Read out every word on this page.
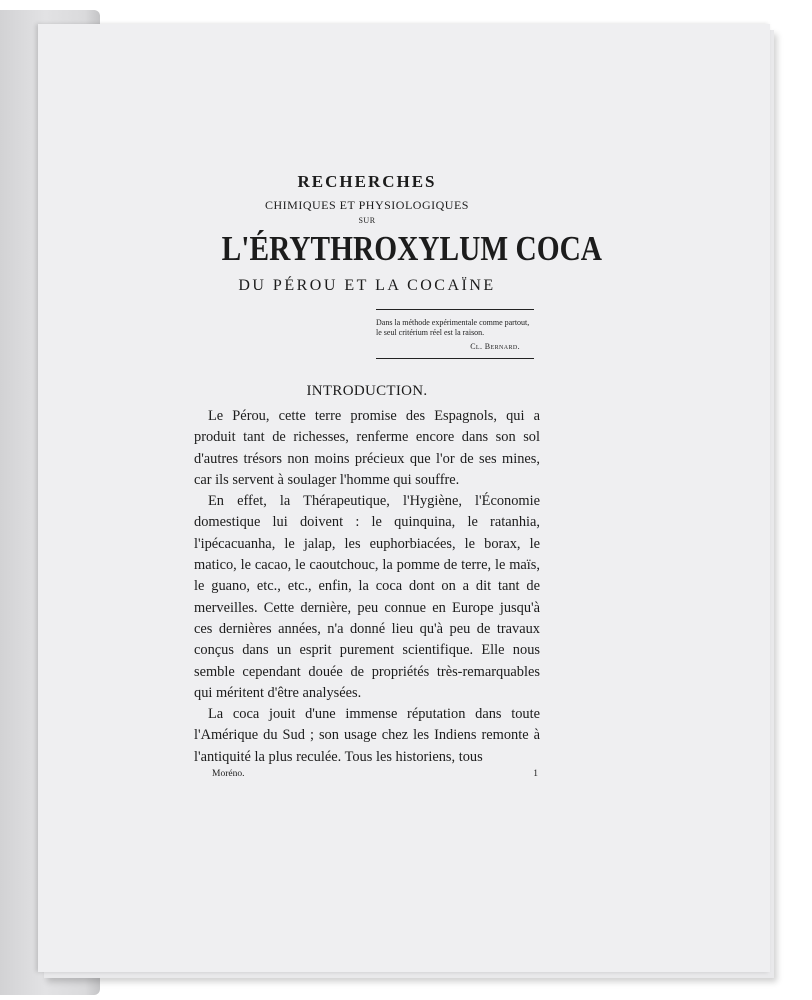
RECHERCHES
CHIMIQUES ET PHYSIOLOGIQUES
SUR
L'ÉRYTHROXYLUM COCA
DU PÉROU ET LA COCAÏNE
Dans la méthode expérimentale comme partout, le seul critérium réel est la raison.
Cl. Bernard.
INTRODUCTION.

Le Pérou, cette terre promise des Espagnols, qui a produit tant de richesses, renferme encore dans son sol d'autres trésors non moins précieux que l'or de ses mines, car ils servent à soulager l'homme qui souffre.

En effet, la Thérapeutique, l'Hygiène, l'Économie domestique lui doivent : le quinquina, le ratanhia, l'ipécacuanha, le jalap, les euphorbiacées, le borax, le matico, le cacao, le caoutchouc, la pomme de terre, le maïs, le guano, etc., etc., enfin, la coca dont on a dit tant de merveilles. Cette dernière, peu connue en Europe jusqu'à ces dernières années, n'a donné lieu qu'à peu de travaux conçus dans un esprit purement scientifique. Elle nous semble cependant douée de propriétés très-remarquables qui méritent d'être analysées.

La coca jouit d'une immense réputation dans toute l'Amérique du Sud ; son usage chez les Indiens remonte à l'antiquité la plus reculée. Tous les historiens, tous

Moréno.	1
